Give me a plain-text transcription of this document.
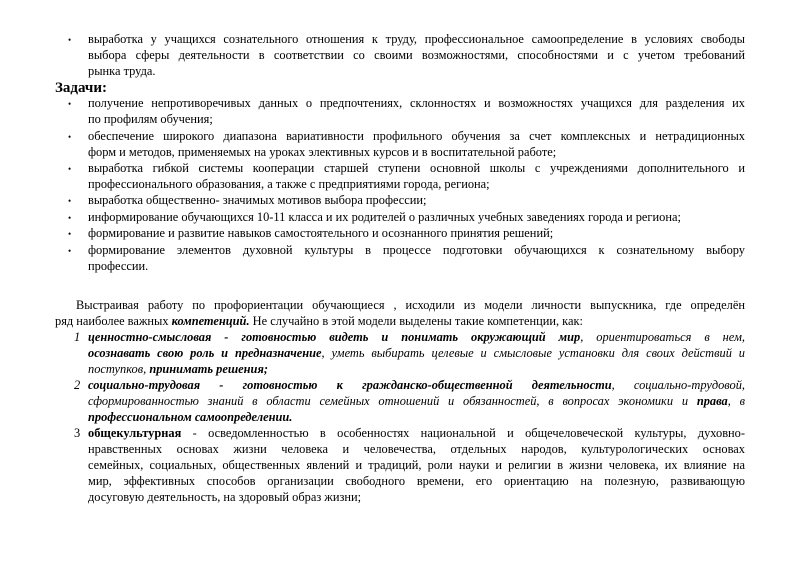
• выработка у учащихся сознательного отношения к труду, профессиональное самоопределение в условиях свободы
выбора сферы деятельности в соответствии со своими возможностями, способностями и с учетом требований
рынка труда.
Задачи:
• получение непротиворечивых данных о предпочтениях, склонностях и возможностях учащихся для разделения их
по профилям обучения;
• обеспечение широкого диапазона вариативности профильного обучения за счет комплексных и нетрадиционных
форм и методов, применяемых на уроках элективных курсов и в воспитательной работе;
• выработка гибкой системы кооперации старшей ступени основной школы с учреждениями дополнительного и
профессионального образования, а также с предприятиями города, региона;
• выработка общественно- значимых мотивов выбора профессии;
• информирование обучающихся 10-11 класса и их родителей о различных учебных заведениях города и региона;
• формирование и развитие навыков самостоятельного и осознанного принятия решений;
• формирование элементов духовной культуры в процессе подготовки обучающихся к сознательному выбору
профессии.
Выстраивая работу по профориентации обучающиеся , исходили из модели личности выпускника, где определён
ряд наиболее важных компетенций. Не случайно в этой модели выделены такие компетенции, как:
1 ценностно-смысловая - готовностью видеть и понимать окружающий мир, ориентироваться в нем,
осознавать свою роль и предназначение, уметь выбирать целевые и смысловые установки для своих действий и
поступков, принимать решения;
2 социально-трудовая - готовностью к гражданско-общественной деятельности, социально-трудовой,
сформированностью знаний в области семейных отношений и обязанностей, в вопросах экономики и права, в
профессиональном самоопределении.
3 общекультурная - осведомленностью в особенностях национальной и общечеловеческой культуры, духовно-
нравственных основах жизни человека и человечества, отдельных народов, культурологических основах
семейных, социальных, общественных явлений и традиций, роли науки и религии в жизни человека, их влияние на
мир, эффективных способов организации свободного времени, его ориентацию на полезную, развивающую
досуговую деятельность, на здоровый образ жизни;
